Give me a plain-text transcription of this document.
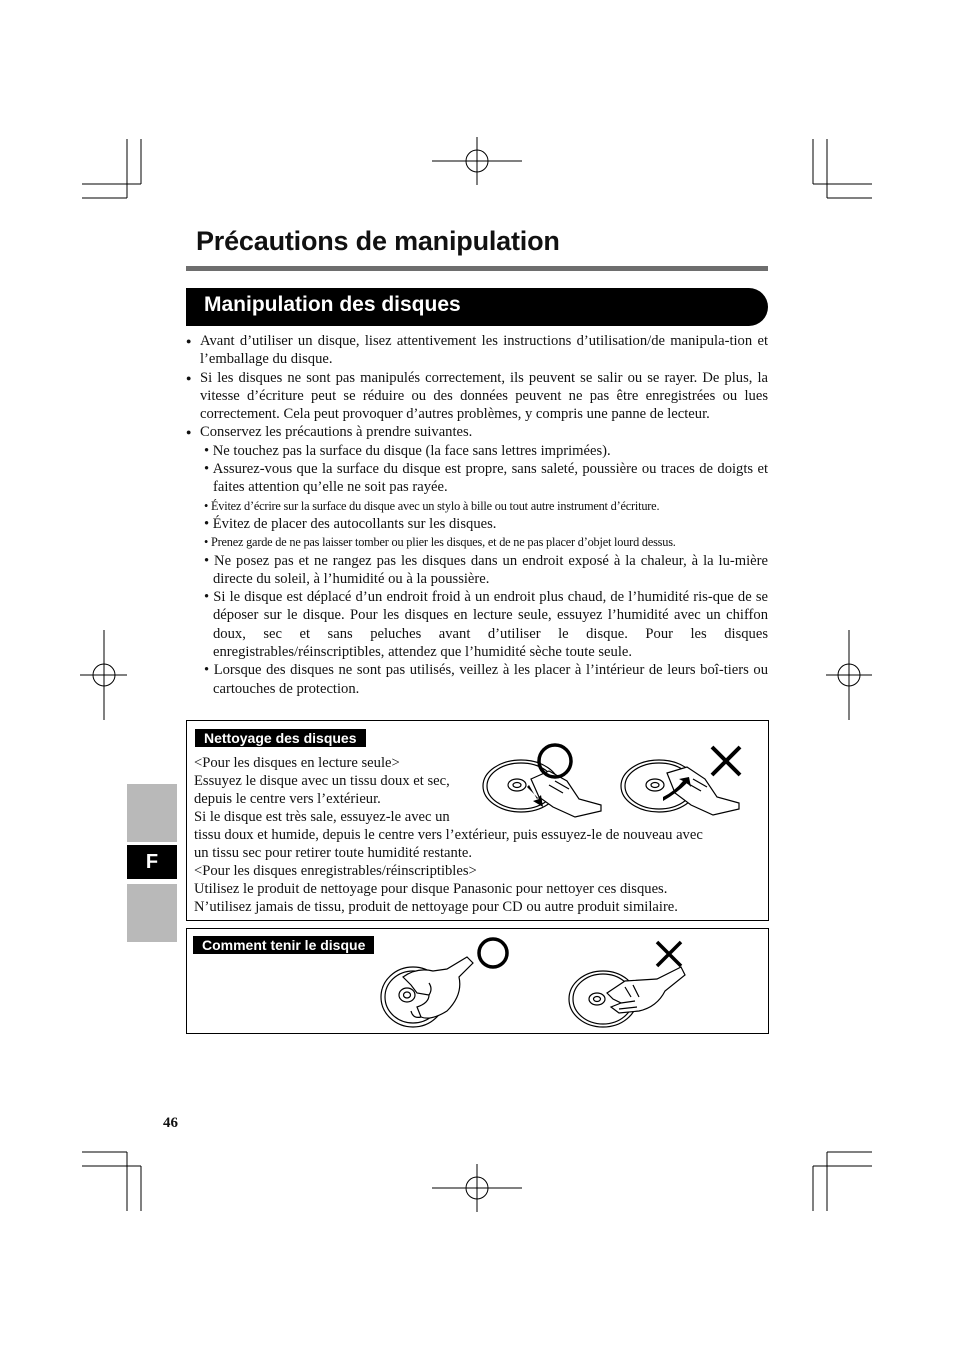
Précautions de manipulation
Manipulation des disques
● Avant d’utiliser un disque, lisez attentivement les instructions d’utilisation/de manipula-tion et l’emballage du disque.
● Si les disques ne sont pas manipulés correctement, ils peuvent se salir ou se rayer. De plus, la vitesse d’écriture peut se réduire ou des données peuvent ne pas être enregistrées ou lues correctement. Cela peut provoquer d’autres problèmes, y compris une panne de lecteur.
● Conservez les précautions à prendre suivantes.
• Ne touchez pas la surface du disque (la face sans lettres imprimées).
• Assurez-vous que la surface du disque est propre, sans saleté, poussière ou traces de doigts et faites attention qu’elle ne soit pas rayée.
• Évitez d’écrire sur la surface du disque avec un stylo à bille ou tout autre instrument d’écriture.
• Évitez de placer des autocollants sur les disques.
• Prenez garde de ne pas laisser tomber ou plier les disques, et de ne pas placer d’objet lourd dessus.
• Ne posez pas et ne rangez pas les disques dans un endroit exposé à la chaleur, à la lu-mière directe du soleil, à l’humidité ou à la poussière.
• Si le disque est déplacé d’un endroit froid à un endroit plus chaud, de l’humidité ris-que de se déposer sur le disque. Pour les disques en lecture seule, essuyez l’humidité avec un chiffon doux, sec et sans peluches avant d’utiliser le disque. Pour les disques enregistrables/réinscriptibles, attendez que l’humidité sèche toute seule.
• Lorsque des disques ne sont pas utilisés, veillez à les placer à l’intérieur de leurs boî-tiers ou cartouches de protection.
Nettoyage des disques
<Pour les disques en lecture seule>
Essuyez le disque avec un tissu doux et sec,
depuis le centre vers l’extérieur.
Si le disque est très sale, essuyez-le avec un
tissu doux et humide, depuis le centre vers l’extérieur, puis essuyez-le de nouveau avec
un tissu sec pour retirer toute humidité restante.
<Pour les disques enregistrables/réinscriptibles>
Utilisez le produit de nettoyage pour disque Panasonic pour nettoyer ces disques.
N’utilisez jamais de tissu, produit de nettoyage pour CD ou autre produit similaire.
Comment tenir le disque
F
46
